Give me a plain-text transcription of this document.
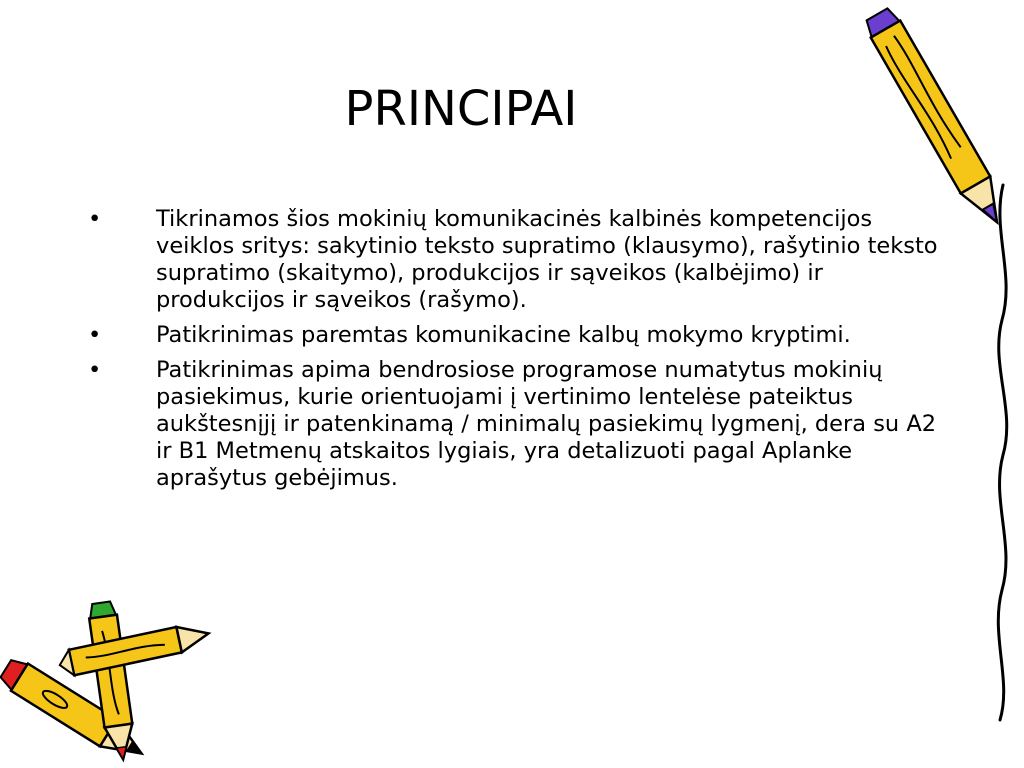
PRINCIPAI
• Tikrinamos šios mokinių komunikacinės kalbinės kompetencijos veiklos sritys: sakytinio teksto supratimo (klausymo), rašytinio teksto supratimo (skaitymo), produkcijos ir sąveikos (kalbėjimo) ir produkcijos ir sąveikos (rašymo).
• Patikrinimas paremtas komunikacine kalbų mokymo kryptimi.
• Patikrinimas apima bendrosiose programose numatytus mokinių pasiekimus, kurie orientuojami į vertinimo lentelėse pateiktus aukštesnįjį ir patenkinamą / minimalų pasiekimų lygmenį, dera su A2 ir B1 Metmenų atskaitos lygiais, yra detalizuoti pagal Aplanke aprašytus gebėjimus.
